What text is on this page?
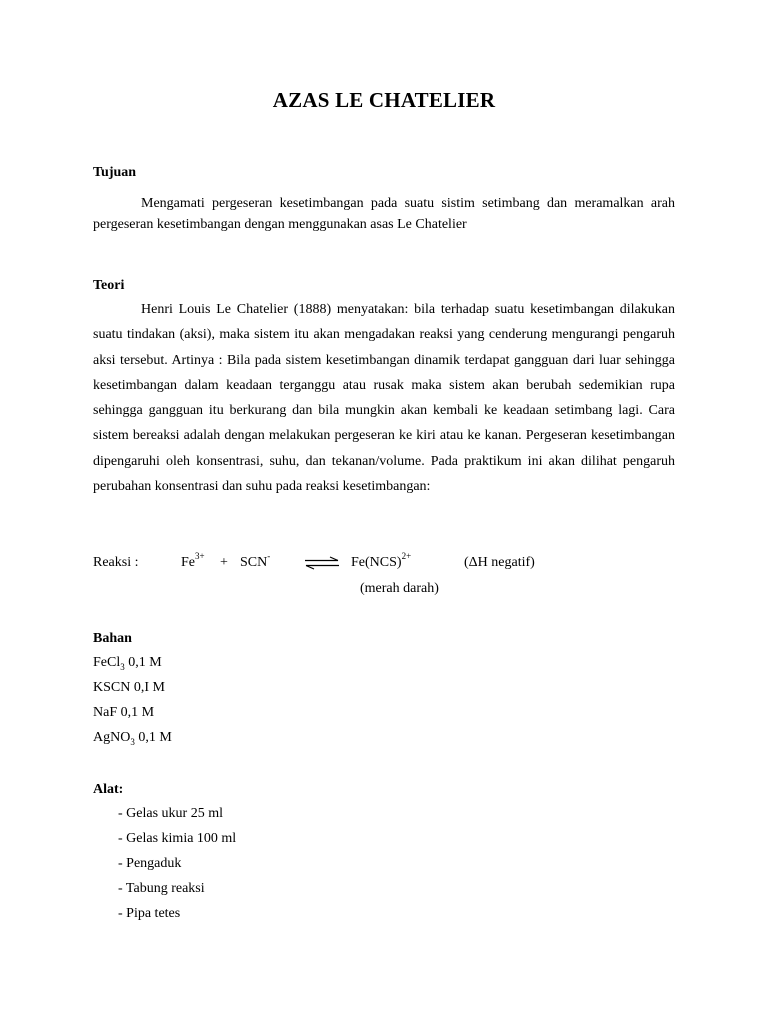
AZAS LE CHATELIER
Tujuan
Mengamati pergeseran kesetimbangan pada suatu sistim setimbang dan meramalkan arah pergeseran kesetimbangan dengan menggunakan asas Le Chatelier
Teori
Henri Louis Le Chatelier (1888) menyatakan: bila terhadap suatu kesetimbangan dilakukan suatu tindakan (aksi), maka sistem itu akan mengadakan reaksi yang cenderung mengurangi pengaruh aksi tersebut. Artinya : Bila pada sistem kesetimbangan dinamik terdapat gangguan dari luar sehingga kesetimbangan dalam keadaan terganggu atau rusak maka sistem akan berubah sedemikian rupa sehingga gangguan itu berkurang dan bila mungkin akan kembali ke keadaan setimbang lagi. Cara sistem bereaksi adalah dengan melakukan pergeseran ke kiri atau ke kanan. Pergeseran kesetimbangan dipengaruhi oleh konsentrasi, suhu, dan tekanan/volume. Pada praktikum ini akan dilihat pengaruh perubahan konsentrasi dan suhu pada reaksi kesetimbangan:
Reaksi :	$Fe^{3+} + SCN^-$ ⇌ Fe(NCS)$^{2+}$	(ΔH negatif)
(merah darah)
Bahan
FeCl$_3$ 0,1 M
KSCN 0,I M
NaF 0,1 M
AgNO$_3$ 0,1 M
Alat:
- Gelas ukur 25 ml
- Gelas kimia 100 ml
- Pengaduk
- Tabung reaksi
- Pipa tetes
